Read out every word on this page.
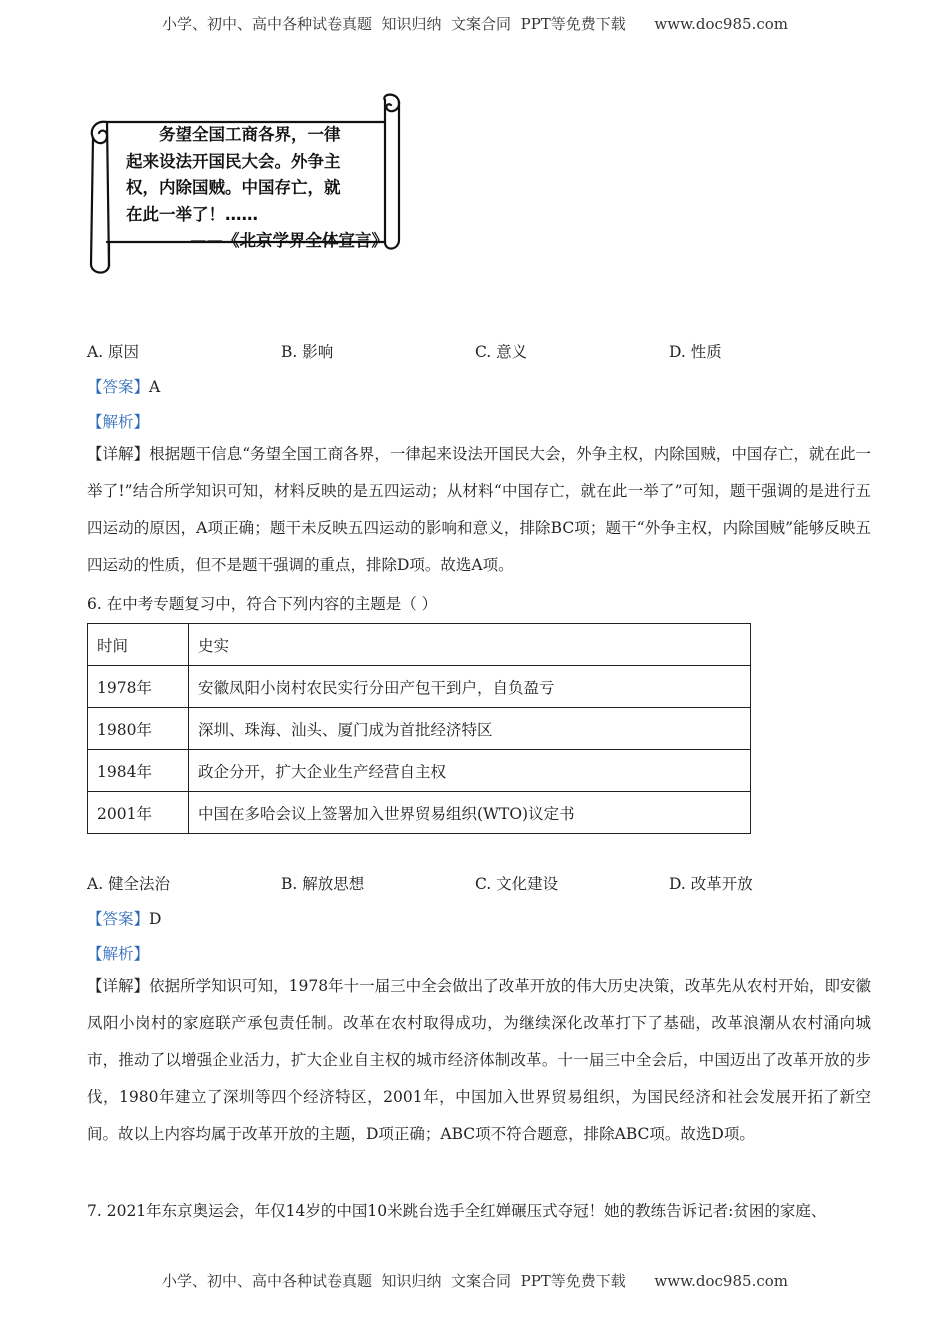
小学、初中、高中各种试卷真题  知识归纳  文案合同  PPT等免费下载      www.doc985.com
务望全国工商各界，一律
起来设法开国民大会。外争主
权，内除国贼。中国存亡，就
在此一举了！……
——《北京学界全体宣言》
A. 原因	B. 影响	C. 意义	D. 性质
【答案】A
【解析】
【详解】根据题干信息“务望全国工商各界，一律起来设法开国民大会，外争主权，内除国贼，中国存亡，就在此一举了!”结合所学知识可知，材料反映的是五四运动；从材料“中国存亡，就在此一举了”可知，题干强调的是进行五四运动的原因，A项正确；题干未反映五四运动的影响和意义，排除BC项；题干“外争主权，内除国贼”能够反映五四运动的性质，但不是题干强调的重点，排除D项。故选A项。
6. 在中考专题复习中，符合下列内容的主题是（ ）
时间	史实
1978年	安徽凤阳小岗村农民实行分田产包干到户，自负盈亏
1980年	深圳、珠海、汕头、厦门成为首批经济特区
1984年	政企分开，扩大企业生产经营自主权
2001年	中国在多哈会议上签署加入世界贸易组织(WTO)议定书
A. 健全法治	B. 解放思想	C. 文化建设	D. 改革开放
【答案】D
【解析】
【详解】依据所学知识可知，1978年十一届三中全会做出了改革开放的伟大历史决策，改革先从农村开始，即安徽凤阳小岗村的家庭联产承包责任制。改革在农村取得成功，为继续深化改革打下了基础，改革浪潮从农村涌向城市，推动了以增强企业活力，扩大企业自主权的城市经济体制改革。十一届三中全会后，中国迈出了改革开放的步伐，1980年建立了深圳等四个经济特区，2001年，中国加入世界贸易组织，为国民经济和社会发展开拓了新空间。故以上内容均属于改革开放的主题，D项正确；ABC项不符合题意，排除ABC项。故选D项。
7. 2021年东京奥运会，年仅14岁的中国10米跳台选手全红婵碾压式夺冠！她的教练告诉记者:贫困的家庭、
小学、初中、高中各种试卷真题  知识归纳  文案合同  PPT等免费下载      www.doc985.com
